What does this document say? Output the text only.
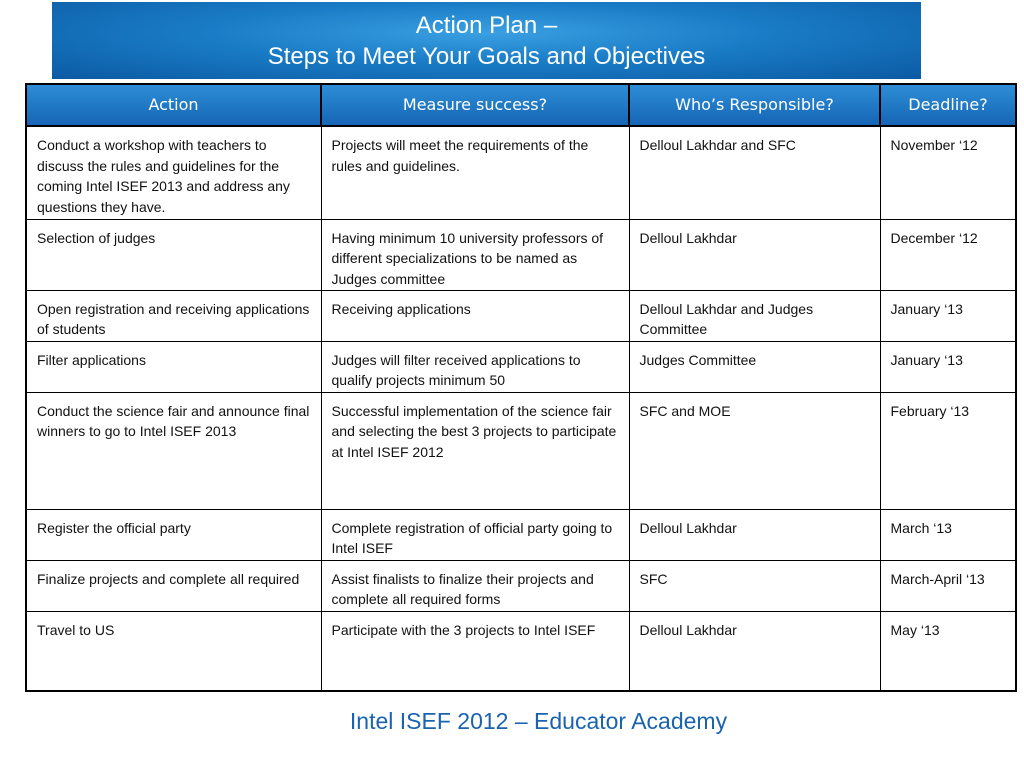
Action Plan –
Steps to Meet Your Goals and Objectives
Action	Measure success?	Who’s Responsible?	Deadline?
Conduct a workshop with teachers to discuss the rules and guidelines for the coming Intel ISEF 2013 and address any questions they have.	Projects will meet the requirements of the rules and guidelines.	Delloul Lakhdar and SFC	November ‘12
Selection of judges	Having minimum 10 university professors of different specializations to be named as Judges committee	Delloul Lakhdar	December ‘12
Open registration and receiving applications of students	Receiving applications	Delloul Lakhdar and Judges Committee	January ‘13
Filter applications	Judges will filter received applications to qualify projects minimum 50	Judges Committee	January ‘13
Conduct the science fair and announce final winners to go to Intel ISEF 2013	Successful implementation of the science fair and selecting the best 3 projects to participate at Intel ISEF 2012	SFC and MOE	February ‘13
Register the official party	Complete registration of official party going to Intel ISEF	Delloul Lakhdar	March ‘13
Finalize projects and complete all required	Assist finalists to finalize their projects and complete all required forms	SFC	March-April ‘13
Travel to US	Participate with the 3 projects to Intel ISEF	Delloul Lakhdar	May ‘13
Intel ISEF 2012 – Educator Academy
